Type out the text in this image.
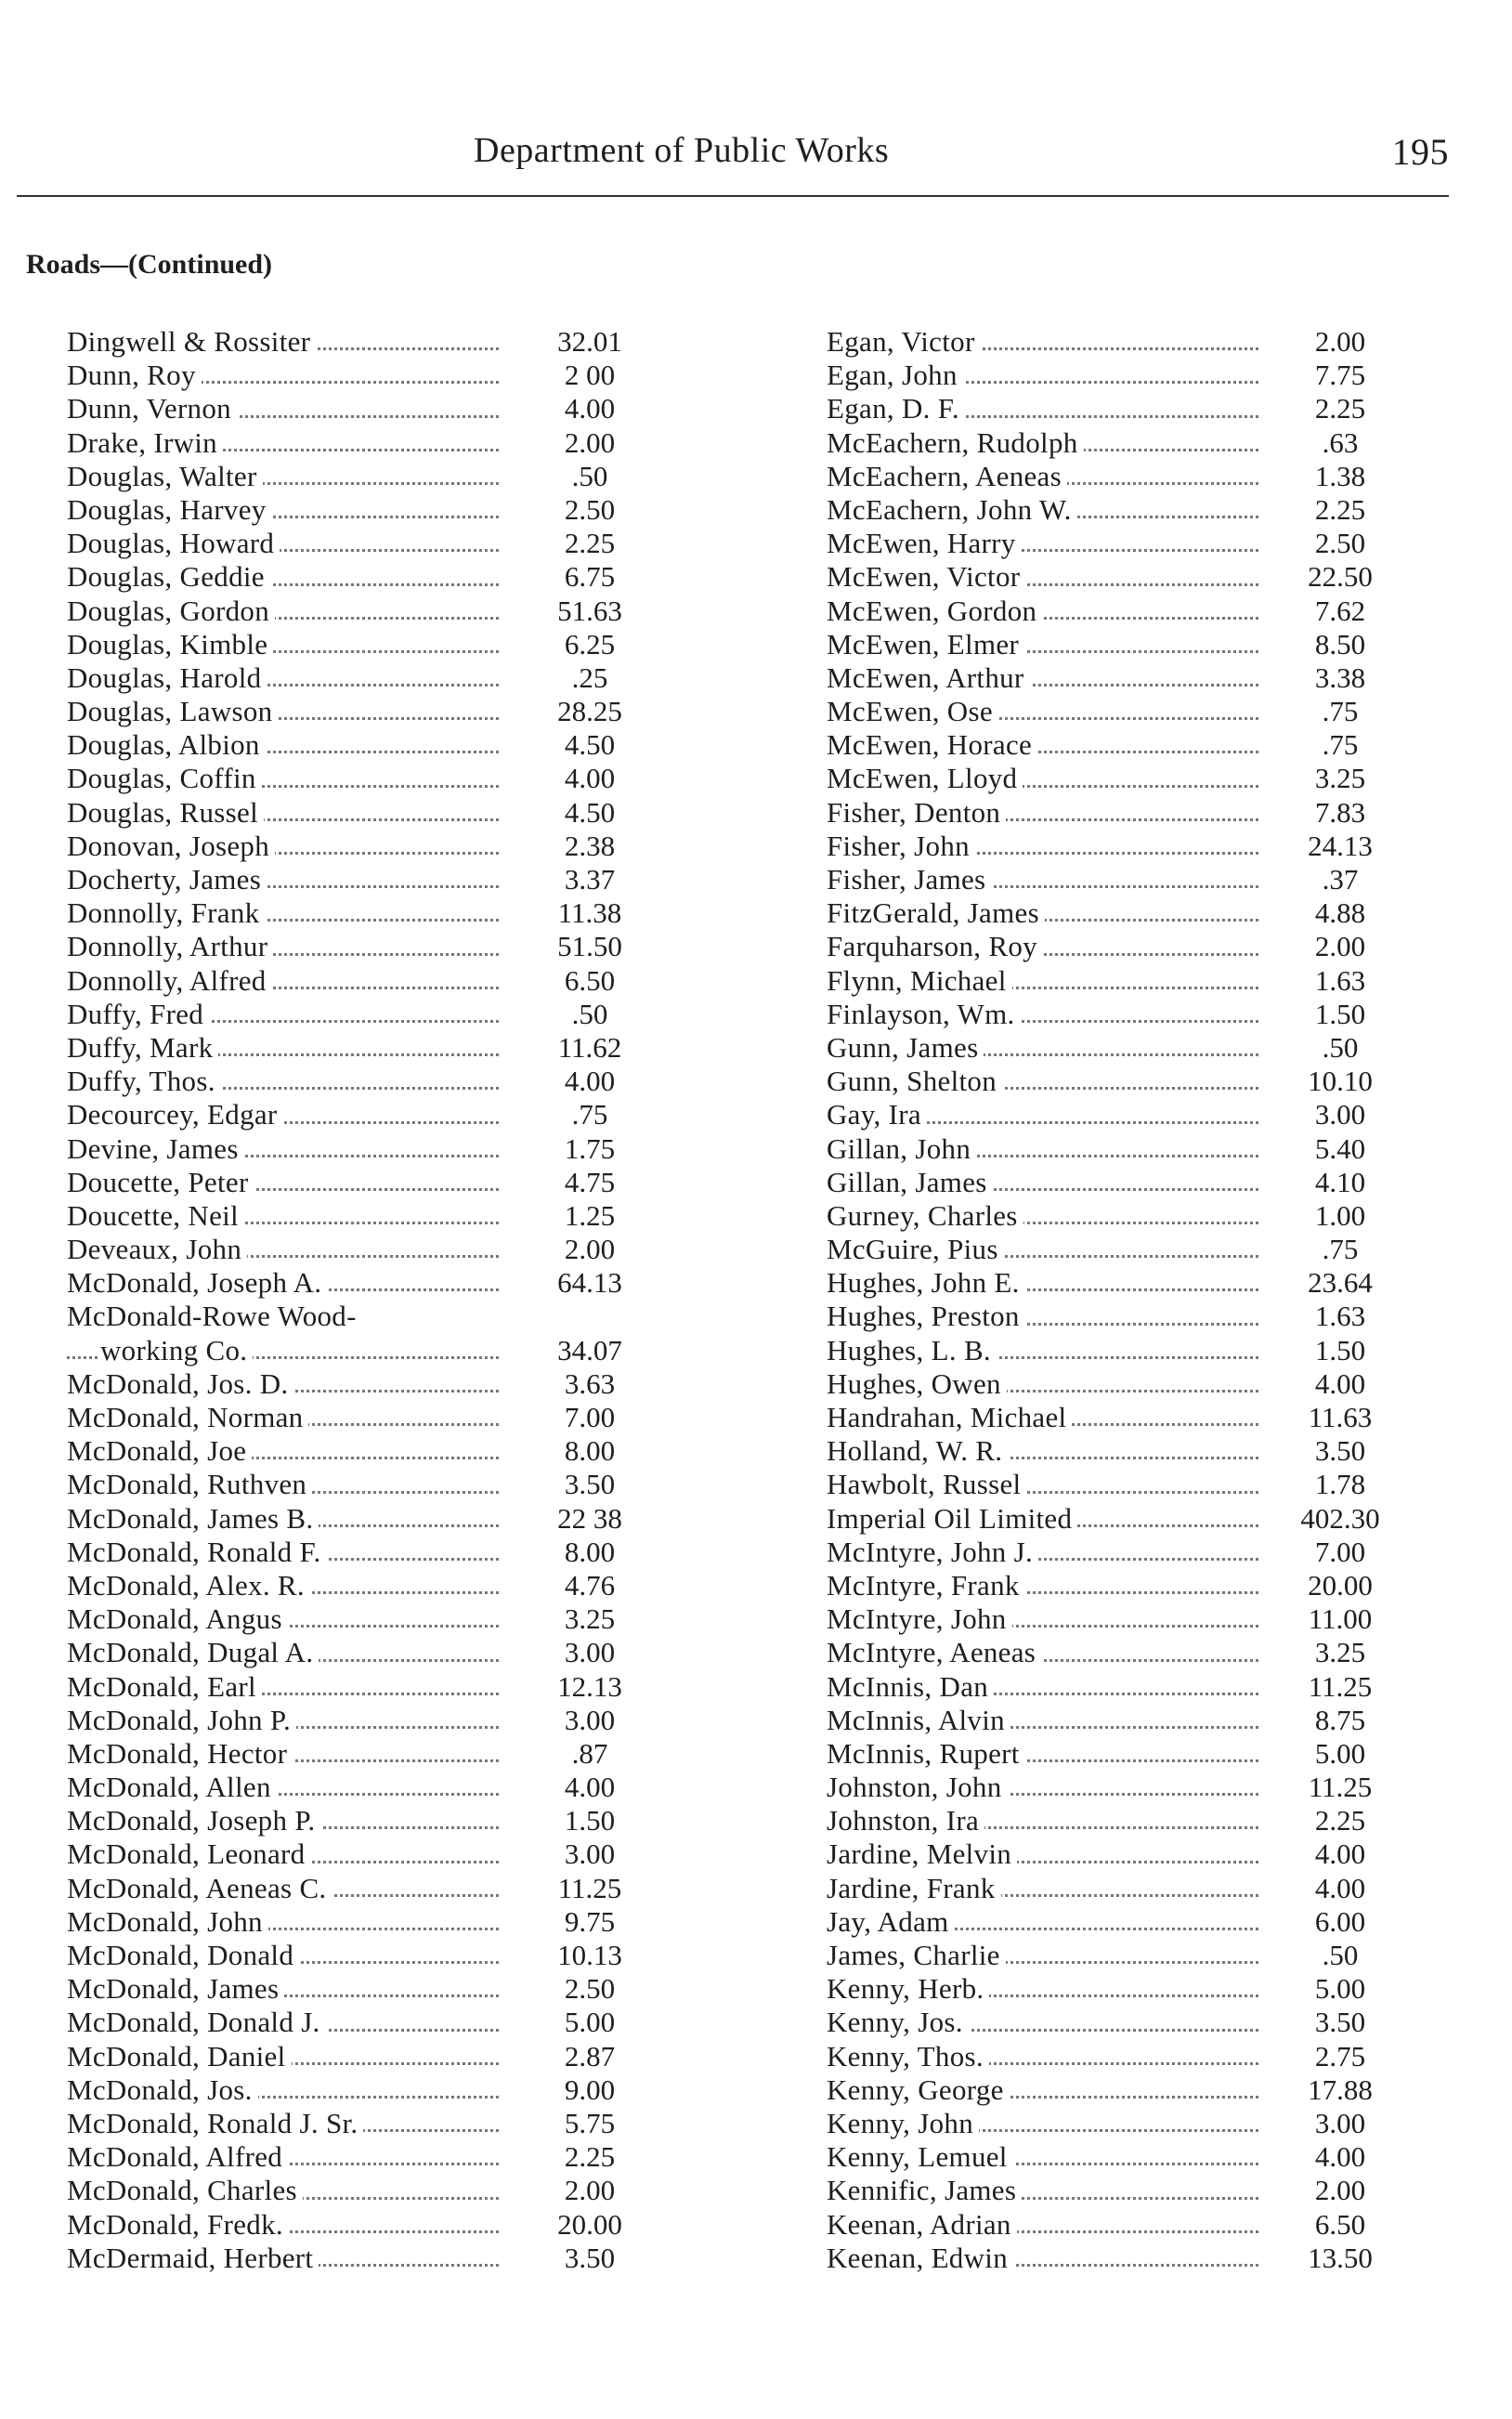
Department of Public Works	195
Roads—(Continued)
Dingwell & Rossiter	32.01
Dunn, Roy	2 00
Dunn, Vernon	4.00
Drake, Irwin	2.00
Douglas, Walter	.50
Douglas, Harvey	2.50
Douglas, Howard	2.25
Douglas, Geddie	6.75
Douglas, Gordon	51.63
Douglas, Kimble	6.25
Douglas, Harold	.25
Douglas, Lawson	28.25
Douglas, Albion	4.50
Douglas, Coffin	4.00
Douglas, Russel	4.50
Donovan, Joseph	2.38
Docherty, James	3.37
Donnolly, Frank	11.38
Donnolly, Arthur	51.50
Donnolly, Alfred	6.50
Duffy, Fred	.50
Duffy, Mark	11.62
Duffy, Thos.	4.00
Decourcey, Edgar	.75
Devine, James	1.75
Doucette, Peter	4.75
Doucette, Neil	1.25
Deveaux, John	2.00
McDonald, Joseph A.	64.13
McDonald-Rowe Wood-
working Co.	34.07
McDonald, Jos. D.	3.63
McDonald, Norman	7.00
McDonald, Joe	8.00
McDonald, Ruthven	3.50
McDonald, James B.	22 38
McDonald, Ronald F.	8.00
McDonald, Alex. R.	4.76
McDonald, Angus	3.25
McDonald, Dugal A.	3.00
McDonald, Earl	12.13
McDonald, John P.	3.00
McDonald, Hector	.87
McDonald, Allen	4.00
McDonald, Joseph P.	1.50
McDonald, Leonard	3.00
McDonald, Aeneas C.	11.25
McDonald, John	9.75
McDonald, Donald	10.13
McDonald, James	2.50
McDonald, Donald J.	5.00
McDonald, Daniel	2.87
McDonald, Jos.	9.00
McDonald, Ronald J. Sr.	5.75
McDonald, Alfred	2.25
McDonald, Charles	2.00
McDonald, Fredk.	20.00
McDermaid, Herbert	3.50
Egan, Victor	2.00
Egan, John	7.75
Egan, D. F.	2.25
McEachern, Rudolph	.63
McEachern, Aeneas	1.38
McEachern, John W.	2.25
McEwen, Harry	2.50
McEwen, Victor	22.50
McEwen, Gordon	7.62
McEwen, Elmer	8.50
McEwen, Arthur	3.38
McEwen, Ose	.75
McEwen, Horace	.75
McEwen, Lloyd	3.25
Fisher, Denton	7.83
Fisher, John	24.13
Fisher, James	.37
FitzGerald, James	4.88
Farquharson, Roy	2.00
Flynn, Michael	1.63
Finlayson, Wm.	1.50
Gunn, James	.50
Gunn, Shelton	10.10
Gay, Ira	3.00
Gillan, John	5.40
Gillan, James	4.10
Gurney, Charles	1.00
McGuire, Pius	.75
Hughes, John E.	23.64
Hughes, Preston	1.63
Hughes, L. B.	1.50
Hughes, Owen	4.00
Handrahan, Michael	11.63
Holland, W. R.	3.50
Hawbolt, Russel	1.78
Imperial Oil Limited	402.30
McIntyre, John J.	7.00
McIntyre, Frank	20.00
McIntyre, John	11.00
McIntyre, Aeneas	3.25
McInnis, Dan	11.25
McInnis, Alvin	8.75
McInnis, Rupert	5.00
Johnston, John	11.25
Johnston, Ira	2.25
Jardine, Melvin	4.00
Jardine, Frank	4.00
Jay, Adam	6.00
James, Charlie	.50
Kenny, Herb.	5.00
Kenny, Jos.	3.50
Kenny, Thos.	2.75
Kenny, George	17.88
Kenny, John	3.00
Kenny, Lemuel	4.00
Kennific, James	2.00
Keenan, Adrian	6.50
Keenan, Edwin	13.50
